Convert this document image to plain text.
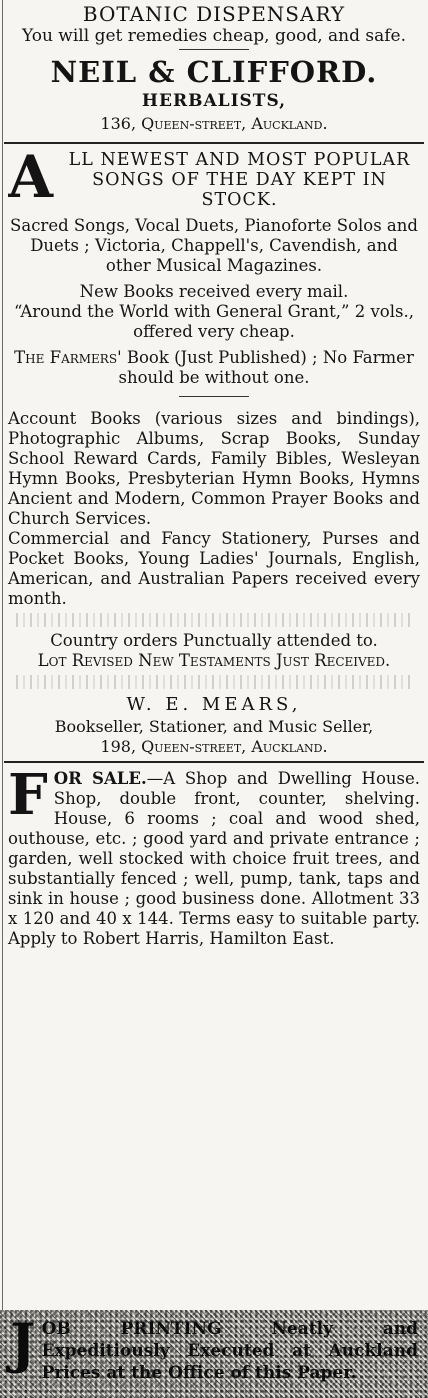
BOTANIC DISPENSARY
You will get remedies cheap, good, and safe.
NEIL & CLIFFORD.
HERBALISTS,
136, Queen-street, Auckland.
A LL NEWEST AND MOST POPULAR SONGS OF THE DAY KEPT IN STOCK.

Sacred Songs, Vocal Duets, Pianoforte Solos and Duets ; Victoria, Chappell's, Cavendish, and other Musical Magazines.

New Books received every mail.

“Around the World with General Grant,” 2 vols., offered very cheap.

The Farmers' Book (Just Published) ; No Farmer should be without one.

Account Books (various sizes and bindings), Photographic Albums, Scrap Books, Sunday School Reward Cards, Family Bibles, Wesleyan Hymn Books, Presbyterian Hymn Books, Hymns Ancient and Modern, Common Prayer Books and Church Services.

Commercial and Fancy Stationery, Purses and Pocket Books, Young Ladies' Journals, English, American, and Australian Papers received every month.

Country orders Punctually attended to.

Lot Revised New Testaments Just Received.

W. E. MEARS,

Bookseller, Stationer, and Music Seller,

198, Queen-street, Auckland.

F OR SALE.—A Shop and Dwelling House. Shop, double front, counter, shelving. House, 6 rooms ; coal and wood shed, outhouse, etc. ; good yard and private entrance ; garden, well stocked with choice fruit trees, and substantially fenced ; well, pump, tank, taps and sink in house ; good business done. Allotment 33 x 120 and 40 x 144. Terms easy to suitable party. Apply to Robert Harris, Hamilton East.

J OB PRINTING Neatly and Expeditiously Executed at Auckland Prices at the Office of this Paper.
